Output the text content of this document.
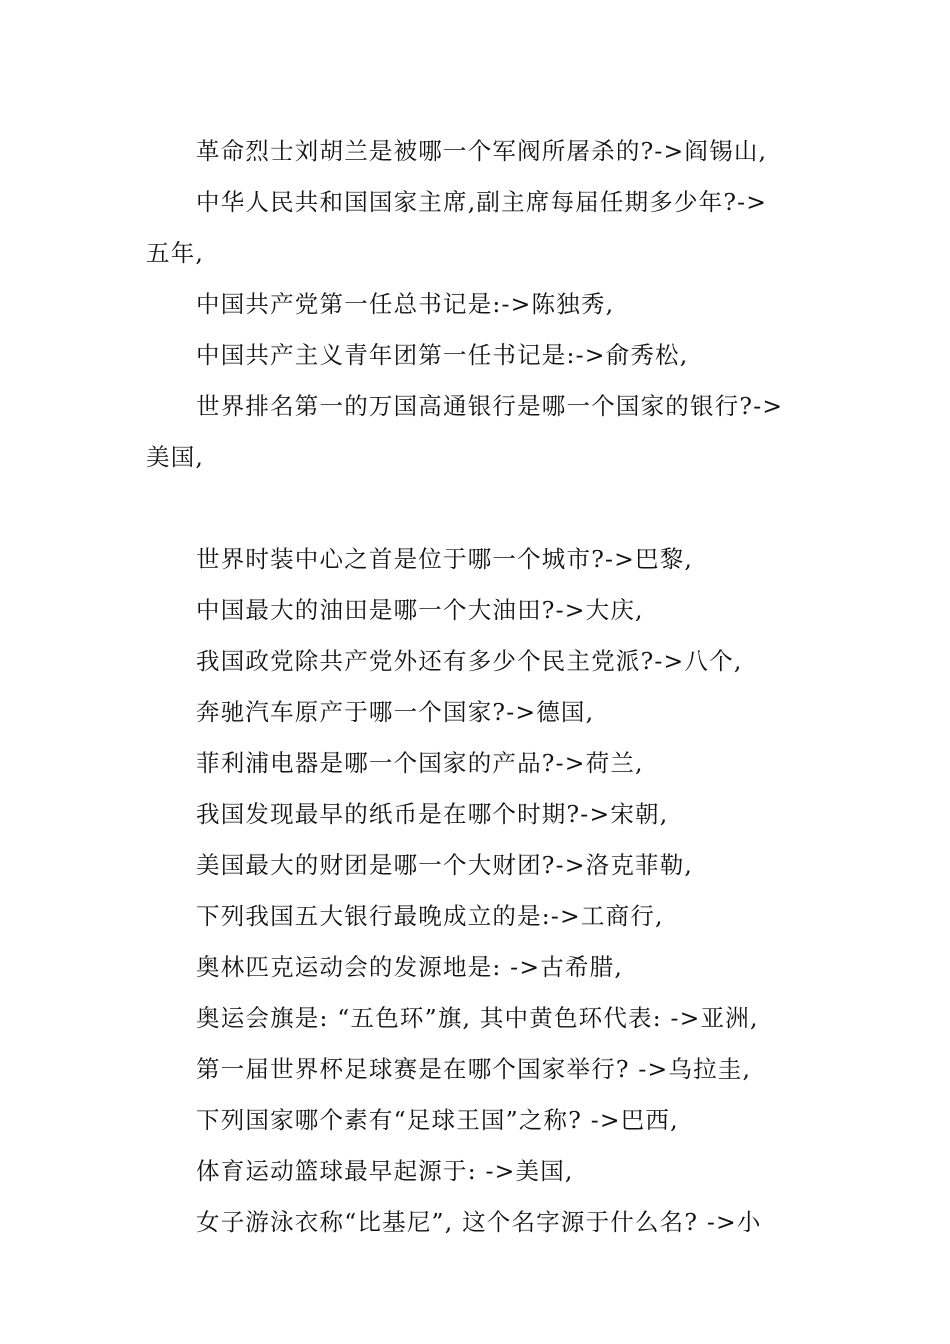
革命烈士刘胡兰是被哪一个军阀所屠杀的?->阎锡山,
中华人民共和国国家主席,副主席每届任期多少年?->
五年,
中国共产党第一任总书记是:->陈独秀,
中国共产主义青年团第一任书记是:->俞秀松,
世界排名第一的万国高通银行是哪一个国家的银行?->
美国,
世界时装中心之首是位于哪一个城市?->巴黎,
中国最大的油田是哪一个大油田?->大庆,
我国政党除共产党外还有多少个民主党派?->八个,
奔驰汽车原产于哪一个国家?->德国,
菲利浦电器是哪一个国家的产品?->荷兰,
我国发现最早的纸币是在哪个时期?->宋朝,
美国最大的财团是哪一个大财团?->洛克菲勒,
下列我国五大银行最晚成立的是:->工商行,
奥林匹克运动会的发源地是: ->古希腊,
奥运会旗是: “五色环”旗, 其中黄色环代表: ->亚洲,
第一届世界杯足球赛是在哪个国家举行? ->乌拉圭,
下列国家哪个素有“足球王国”之称? ->巴西,
体育运动篮球最早起源于: ->美国,
女子游泳衣称“比基尼”, 这个名字源于什么名? ->小
